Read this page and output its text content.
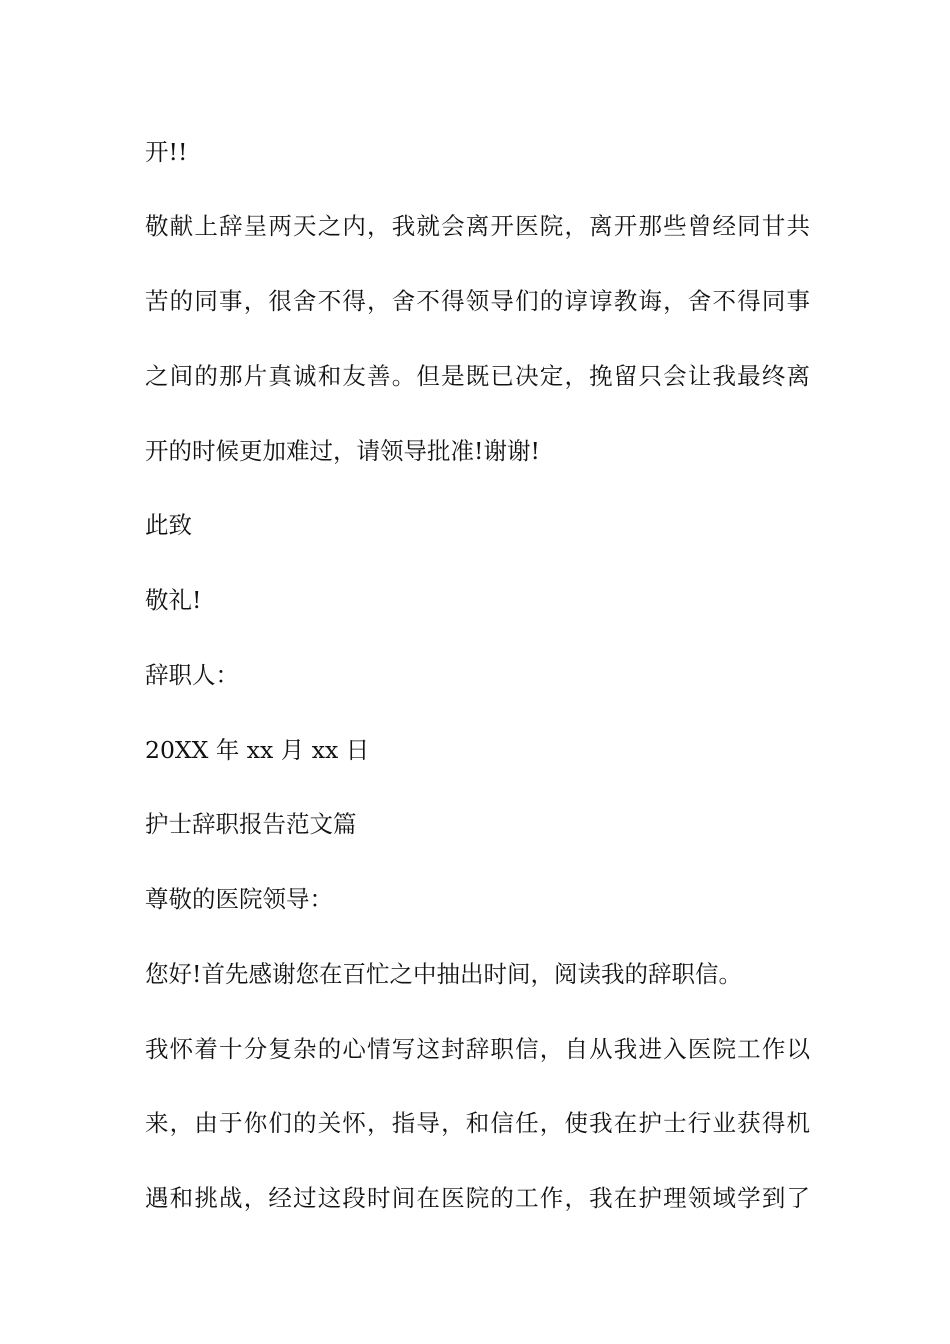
开!!
敬献上辞呈两天之内，我就会离开医院，离开那些曾经同甘共
苦的同事，很舍不得，舍不得领导们的谆谆教诲，舍不得同事
之间的那片真诚和友善。但是既已决定，挽留只会让我最终离
开的时候更加难过，请领导批准!谢谢!
此致
敬礼!
辞职人：
20XX 年 xx 月 xx 日
护士辞职报告范文篇
尊敬的医院领导：
您好!首先感谢您在百忙之中抽出时间，阅读我的辞职信。
我怀着十分复杂的心情写这封辞职信，自从我进入医院工作以
来，由于你们的关怀，指导，和信任，使我在护士行业获得机
遇和挑战，经过这段时间在医院的工作，我在护理领域学到了
